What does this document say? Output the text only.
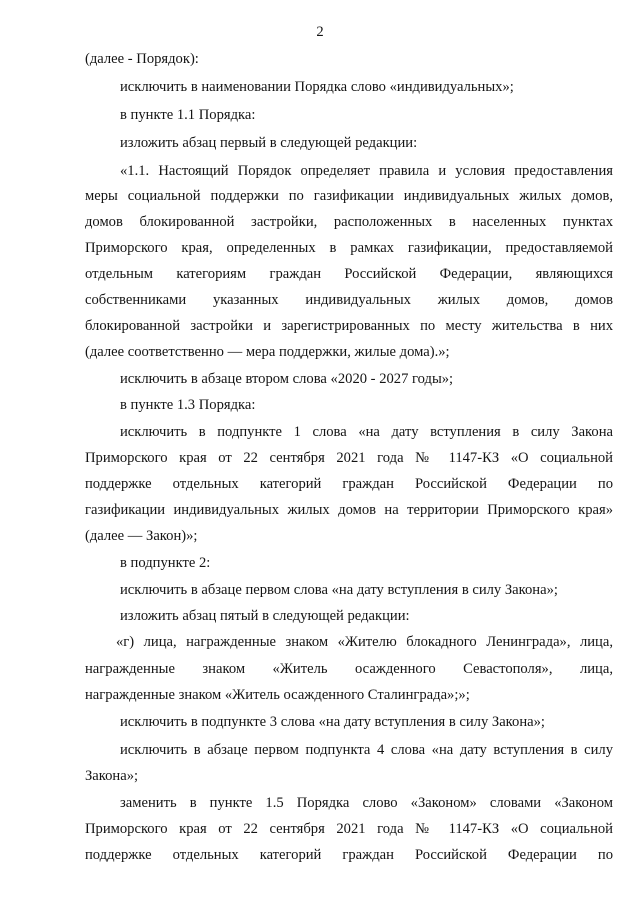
2
(далее - Порядок):
исключить в наименовании Порядка слово «индивидуальных»;
в пункте 1.1 Порядка:
изложить абзац первый в следующей редакции:
«1.1. Настоящий Порядок определяет правила и условия предоставления
меры социальной поддержки по газификации индивидуальных жилых домов,
домов блокированной застройки, расположенных в населенных пунктах
Приморского края, определенных в рамках газификации, предоставляемой
отдельным категориям граждан Российской Федерации, являющихся
собственниками указанных индивидуальных жилых домов, домов
блокированной застройки и зарегистрированных по месту жительства в них
(далее соответственно — мера поддержки, жилые дома).»;
исключить в абзаце втором слова «2020 - 2027 годы»;
в пункте 1.3 Порядка:
исключить в подпункте 1 слова «на дату вступления в силу Закона
Приморского края от 22 сентября 2021 года № 1147-КЗ «О социальной
поддержке отдельных категорий граждан Российской Федерации по
газификации индивидуальных жилых домов на территории Приморского края»
(далее — Закон)»;
в подпункте 2:
исключить в абзаце первом слова «на дату вступления в силу Закона»;
изложить абзац пятый в следующей редакции:
«г) лица, награжденные знаком «Жителю блокадного Ленинграда», лица,
награжденные знаком «Житель осажденного Севастополя», лица,
награжденные знаком «Житель осажденного Сталинграда»;»;
исключить в подпункте 3 слова «на дату вступления в силу Закона»;
исключить в абзаце первом подпункта 4 слова «на дату вступления в силу
Закона»;
заменить в пункте 1.5 Порядка слово «Законом» словами «Законом
Приморского края от 22 сентября 2021 года № 1147-КЗ «О социальной
поддержке отдельных категорий граждан Российской Федерации по
